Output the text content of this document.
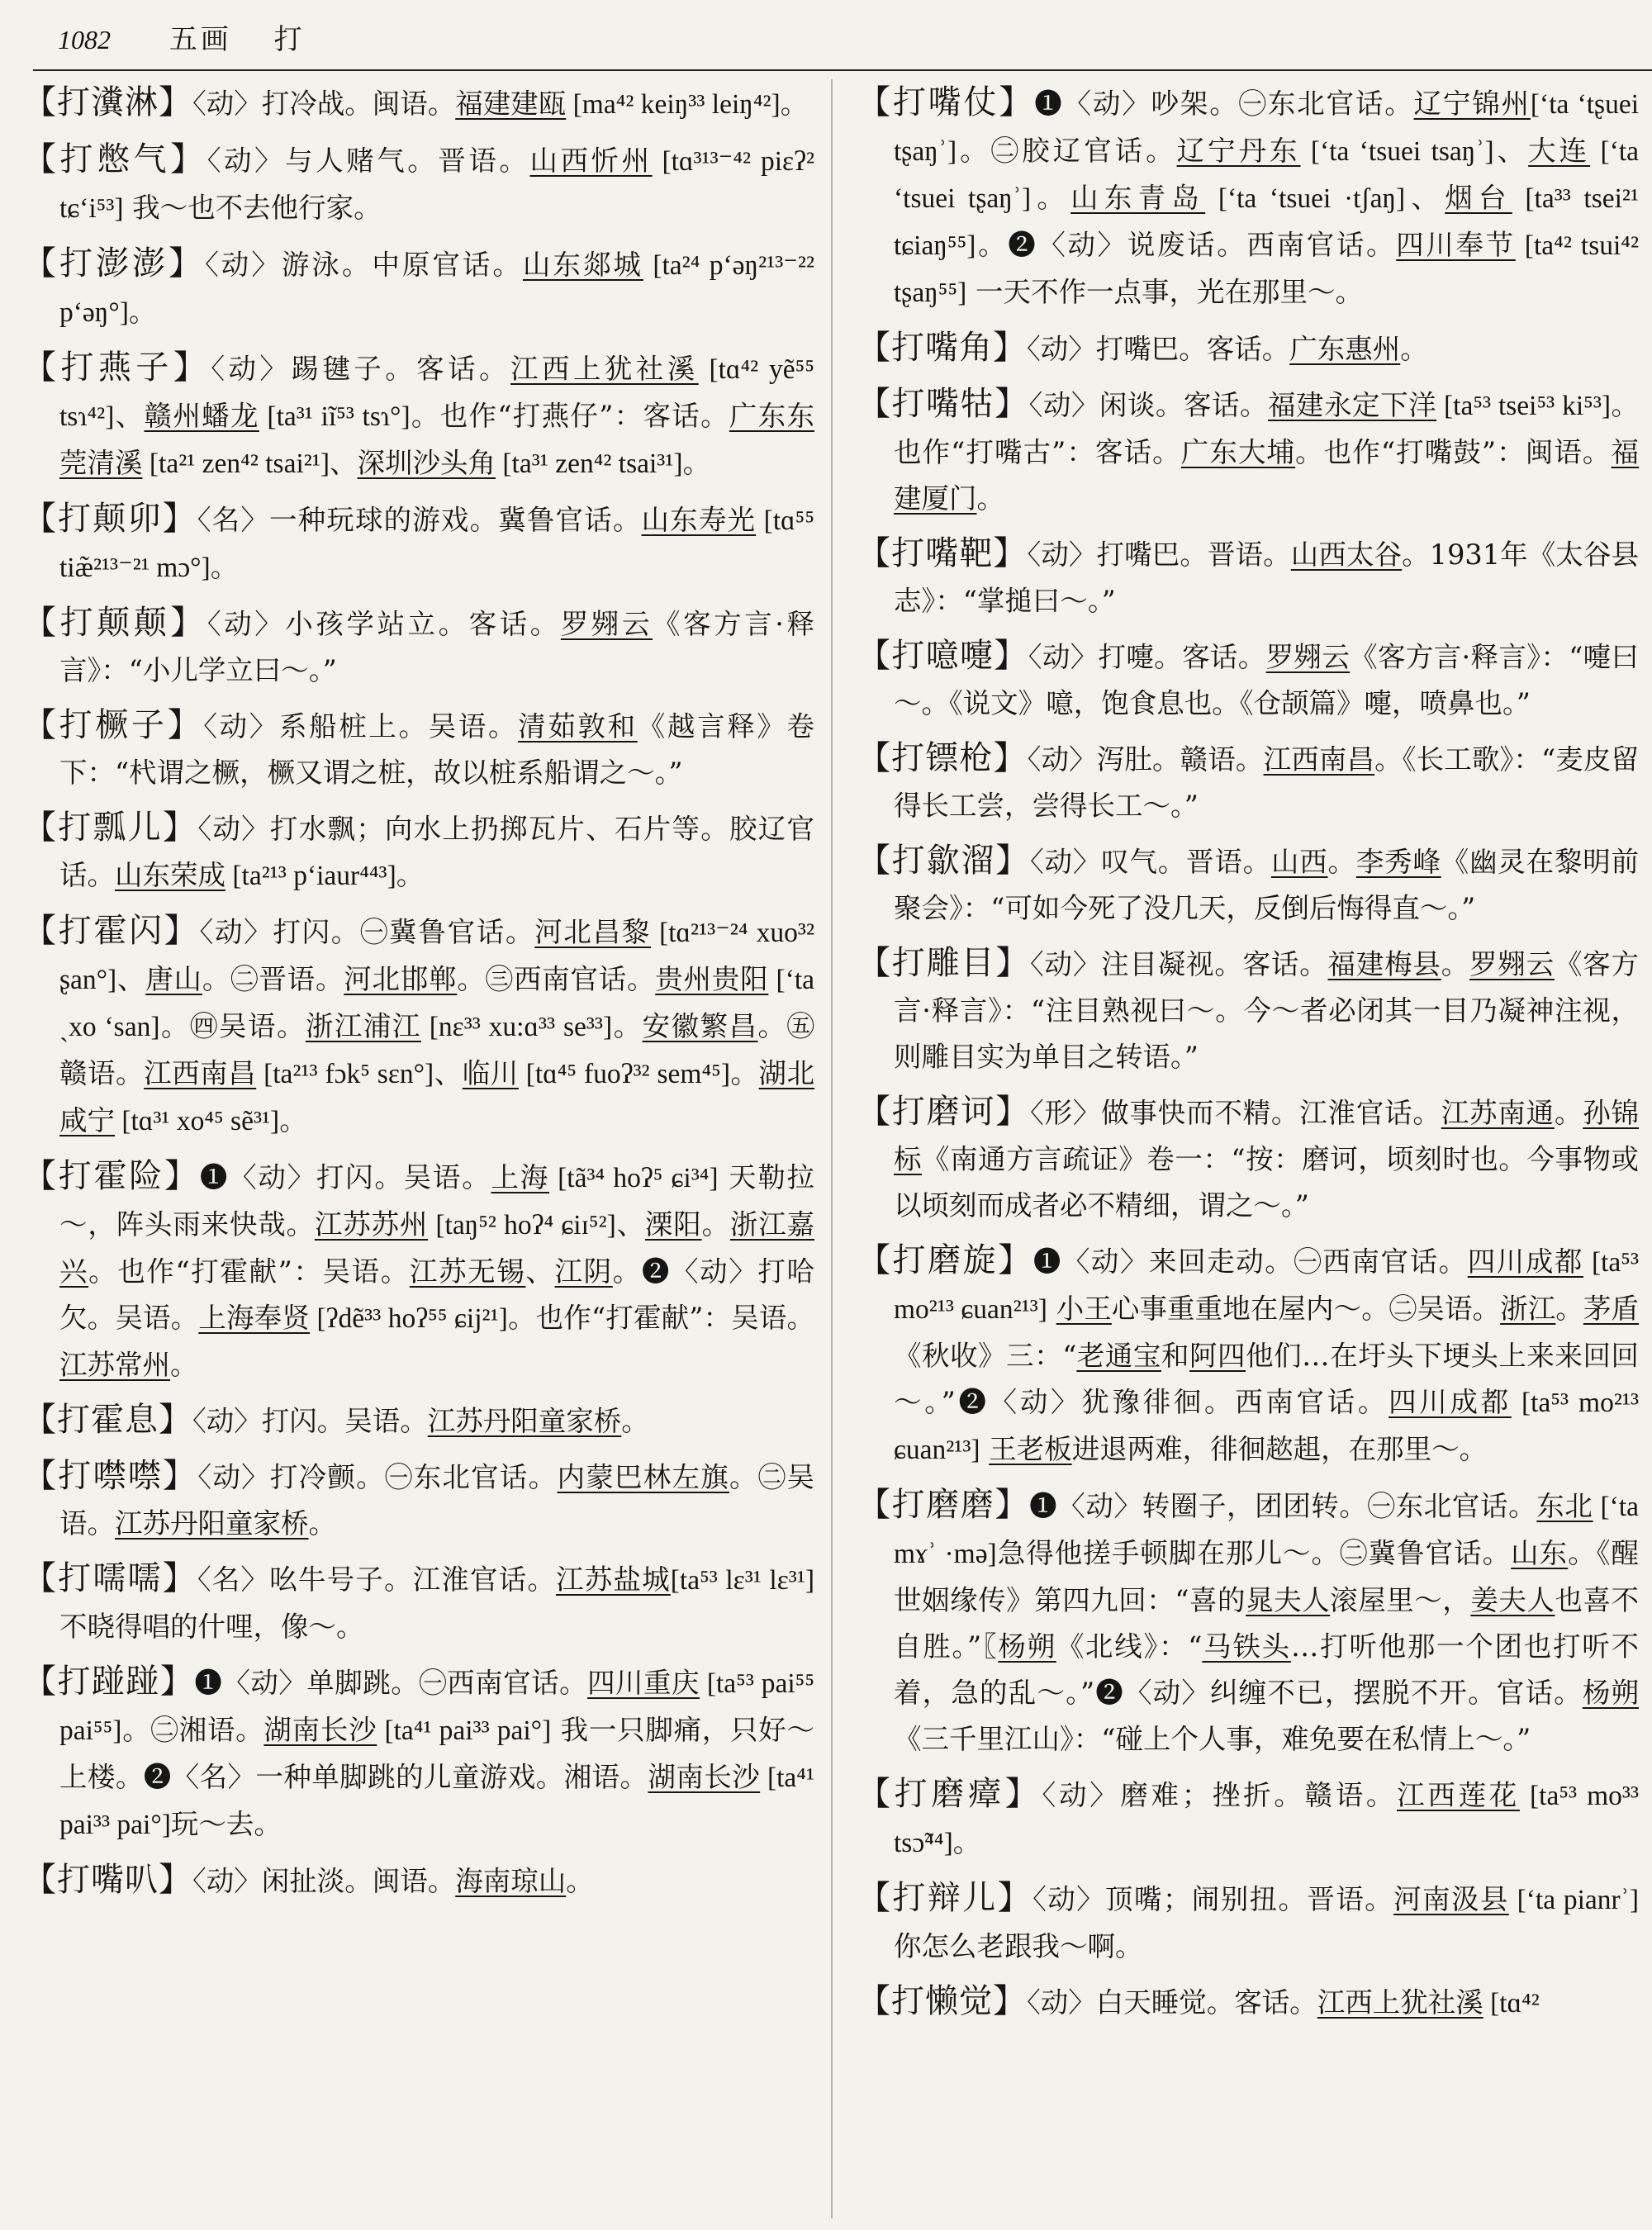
1082 五画 打

【打瀵淋】〈动〉打冷战。闽语。福建建瓯 [ma⁴² keiŋ³³ leiŋ⁴²]。

【打憋气】〈动〉与人赌气。晋语。山西忻州 [tɑ³¹³⁻⁴² piɛʔ² tɕʻi⁵³] 我～也不去他行家。

【打澎澎】〈动〉游泳。中原官话。山东郯城 [ta²⁴ pʻəŋ²¹³⁻²² pʻəŋ°]。

【打燕子】〈动〉踢毽子。客话。江西上犹社溪 [tɑ⁴² yẽ⁵⁵ tsɿ⁴²]、赣州蟠龙 [ta³¹ iĩ⁵³ tsɿ°]。也作“打燕仔”：客话。广东东莞清溪 [ta²¹ zen⁴² tsai²¹]、深圳沙头角 [ta³¹ zen⁴² tsai³¹]。

【打颠卯】〈名〉一种玩球的游戏。冀鲁官话。山东寿光 [tɑ⁵⁵ tiæ̃²¹³⁻²¹ mɔ°]。

【打颠颠】〈动〉小孩学站立。客话。罗翙云《客方言·释言》：“小儿学立曰～。”

【打橛子】〈动〉系船桩上。吴语。清茹敦和《越言释》卷下：“杙谓之橛，橛又谓之桩，故以桩系船谓之～。”

【打瓢儿】〈动〉打水飘；向水上扔掷瓦片、石片等。胶辽官话。山东荣成 [ta²¹³ pʻiaur⁴⁴³]。

【打霍闪】〈动〉打闪。㊀冀鲁官话。河北昌黎 [tɑ²¹³⁻²⁴ xuo³² ʂan°]、唐山。㊁晋语。河北邯郸。㊂西南官话。贵州贵阳 [ʻta ˏxo ʻsan]。㊃吴语。浙江浦江 [nɛ³³ xu:ɑ³³ se³³]。安徽繁昌。㊄赣语。江西南昌 [ta²¹³ fɔk⁵ sɛn°]、临川 [tɑ⁴⁵ fuoʔ³² sem⁴⁵]。湖北咸宁 [tɑ³¹ xo⁴⁵ sẽ³¹]。

【打霍险】❶〈动〉打闪。吴语。上海 [tã³⁴ hoʔ⁵ ɕi³⁴] 天勒拉～，阵头雨来快哉。江苏苏州 [taŋ⁵² hoʔ⁴ ɕiɪ⁵²]、溧阳。浙江嘉兴。也作“打霍献”：吴语。江苏无锡、江阴。❷〈动〉打哈欠。吴语。上海奉贤 [ʔdẽ³³ hoʔ⁵⁵ ɕij²¹]。也作“打霍献”：吴语。江苏常州。

【打霍息】〈动〉打闪。吴语。江苏丹阳童家桥。

【打噤噤】〈动〉打冷颤。㊀东北官话。内蒙巴林左旗。㊁吴语。江苏丹阳童家桥。

【打嚅嚅】〈名〉吆牛号子。江淮官话。江苏盐城[ta⁵³ lɛ³¹ lɛ³¹] 不晓得唱的什哩，像～。

【打踫踫】❶〈动〉单脚跳。㊀西南官话。四川重庆 [ta⁵³ pai⁵⁵ pai⁵⁵]。㊁湘语。湖南长沙 [ta⁴¹ pai³³ pai°] 我一只脚痛，只好～上楼。❷〈名〉一种单脚跳的儿童游戏。湘语。湖南长沙 [ta⁴¹ pai³³ pai°]玩～去。

【打嘴叭】〈动〉闲扯淡。闽语。海南琼山。

【打嘴仗】❶〈动〉吵架。㊀东北官话。辽宁锦州[ʻta ʻtʂuei tʂaŋʾ]。㊁胶辽官话。辽宁丹东 [ʻta ʻtsuei tsaŋʾ]、大连 [ʻta ʻtsuei tʂaŋʾ]。山东青岛 [ʻta ʻtsuei ·tʃaŋ]、烟台 [ta³³ tsei²¹ tɕiaŋ⁵⁵]。❷〈动〉说废话。西南官话。四川奉节 [ta⁴² tsui⁴² tʂaŋ⁵⁵] 一天不作一点事，光在那里～。

【打嘴角】〈动〉打嘴巴。客话。广东惠州。

【打嘴牯】〈动〉闲谈。客话。福建永定下洋 [ta⁵³ tsei⁵³ ki⁵³]。也作“打嘴古”：客话。广东大埔。也作“打嘴鼓”：闽语。福建厦门。

【打嘴靶】〈动〉打嘴巴。晋语。山西太谷。1931年《太谷县志》：“掌搥曰～。”

【打噫嚏】〈动〉打嚏。客话。罗翙云《客方言·释言》：“嚏曰～。《说文》噫，饱食息也。《仓颉篇》嚏，喷鼻也。”

【打镖枪】〈动〉泻肚。赣语。江西南昌。《长工歌》：“麦皮留得长工尝，尝得长工～。”

【打歙溜】〈动〉叹气。晋语。山西。李秀峰《幽灵在黎明前聚会》：“可如今死了没几天，反倒后悔得直～。”

【打雕目】〈动〉注目凝视。客话。福建梅县。罗翙云《客方言·释言》：“注目熟视曰～。今～者必闭其一目乃凝神注视，则雕目实为单目之转语。”

【打磨诃】〈形〉做事快而不精。江淮官话。江苏南通。孙锦标《南通方言疏证》卷一：“按：磨诃，顷刻时也。今事物或以顷刻而成者必不精细，谓之～。”

【打磨旋】❶〈动〉来回走动。㊀西南官话。四川成都 [ta⁵³ mo²¹³ ɕuan²¹³] 小王心事重重地在屋内～。㊁吴语。浙江。茅盾《秋收》三：“老通宝和阿四他们…在圩头下埂头上来来回回～。”❷〈动〉犹豫徘徊。西南官话。四川成都 [ta⁵³ mo²¹³ ɕuan²¹³] 王老板进退两难，徘徊趑趄，在那里～。

【打磨磨】❶〈动〉转圈子，团团转。㊀东北官话。东北 [ʻta mɤʾ ·mə]急得他搓手顿脚在那儿～。㊁冀鲁官话。山东。《醒世姻缘传》第四九回：“喜的晁夫人滚屋里～，姜夫人也喜不自胜。”〖杨朔《北线》：“马铁头…打听他那一个团也打听不着，急的乱～。”❷〈动〉纠缠不已，摆脱不开。官话。杨朔《三千里江山》：“碰上个人事，难免要在私情上～。”

【打磨瘴】〈动〉磨难；挫折。赣语。江西莲花 [ta⁵³ mo³³ tsɔ̃⁴⁴]。

【打辩儿】〈动〉顶嘴；闹别扭。晋语。河南汲县 [ʻta pianrʾ] 你怎么老跟我～啊。

【打懒觉】〈动〉白天睡觉。客话。江西上犹社溪 [tɑ⁴²
